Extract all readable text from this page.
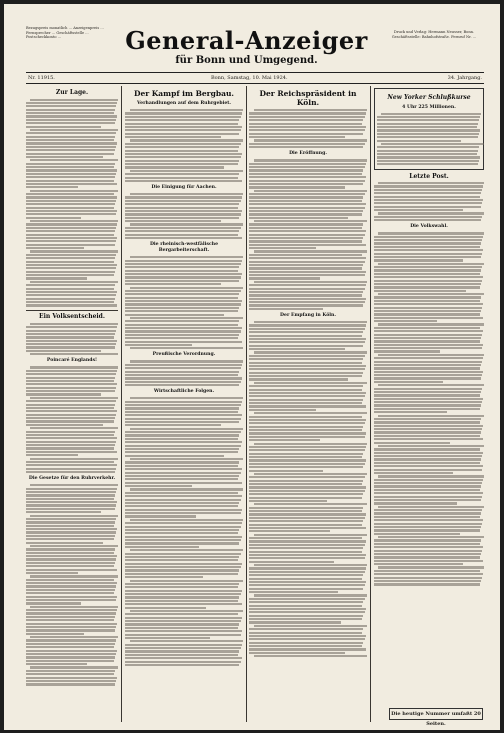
Bezugspreis monatlich ... Anzeigenpreis ... Fernsprecher ... Geschäftsstelle ... Postscheckkonto ...	General-Anzeiger
für Bonn und Umgegend.
Druck und Verlag: Hermann Neusser, Bonn. Geschäftsstelle: Bahnhofstraße. Fernruf Nr. ...
Nr. 11915.	Bonn, Samstag, 10. Mai 1924.	34. Jahrgang.
Zur Lage.
Ein Volksentscheid.
Poincaré Englands!
Die Gesetze für den Ruhrverkehr.
Der Kampf im Bergbau.
Verhandlungen auf dem Ruhrgebiet.
Die Einigung für Aachen.
Die rheinisch-westfälische Bergarbeiterschaft.
Preußische Verordnung.
Wirtschaftliche Folgen.
Der Reichspräsident in Köln.
Die Eröffnung.
Der Empfang in Köln.
New Yorker Schlußkurse
4 Uhr 225 Millionen.
Letzte Post.
Die Volkswahl.
Die heutige Nummer umfaßt 20 Seiten.
